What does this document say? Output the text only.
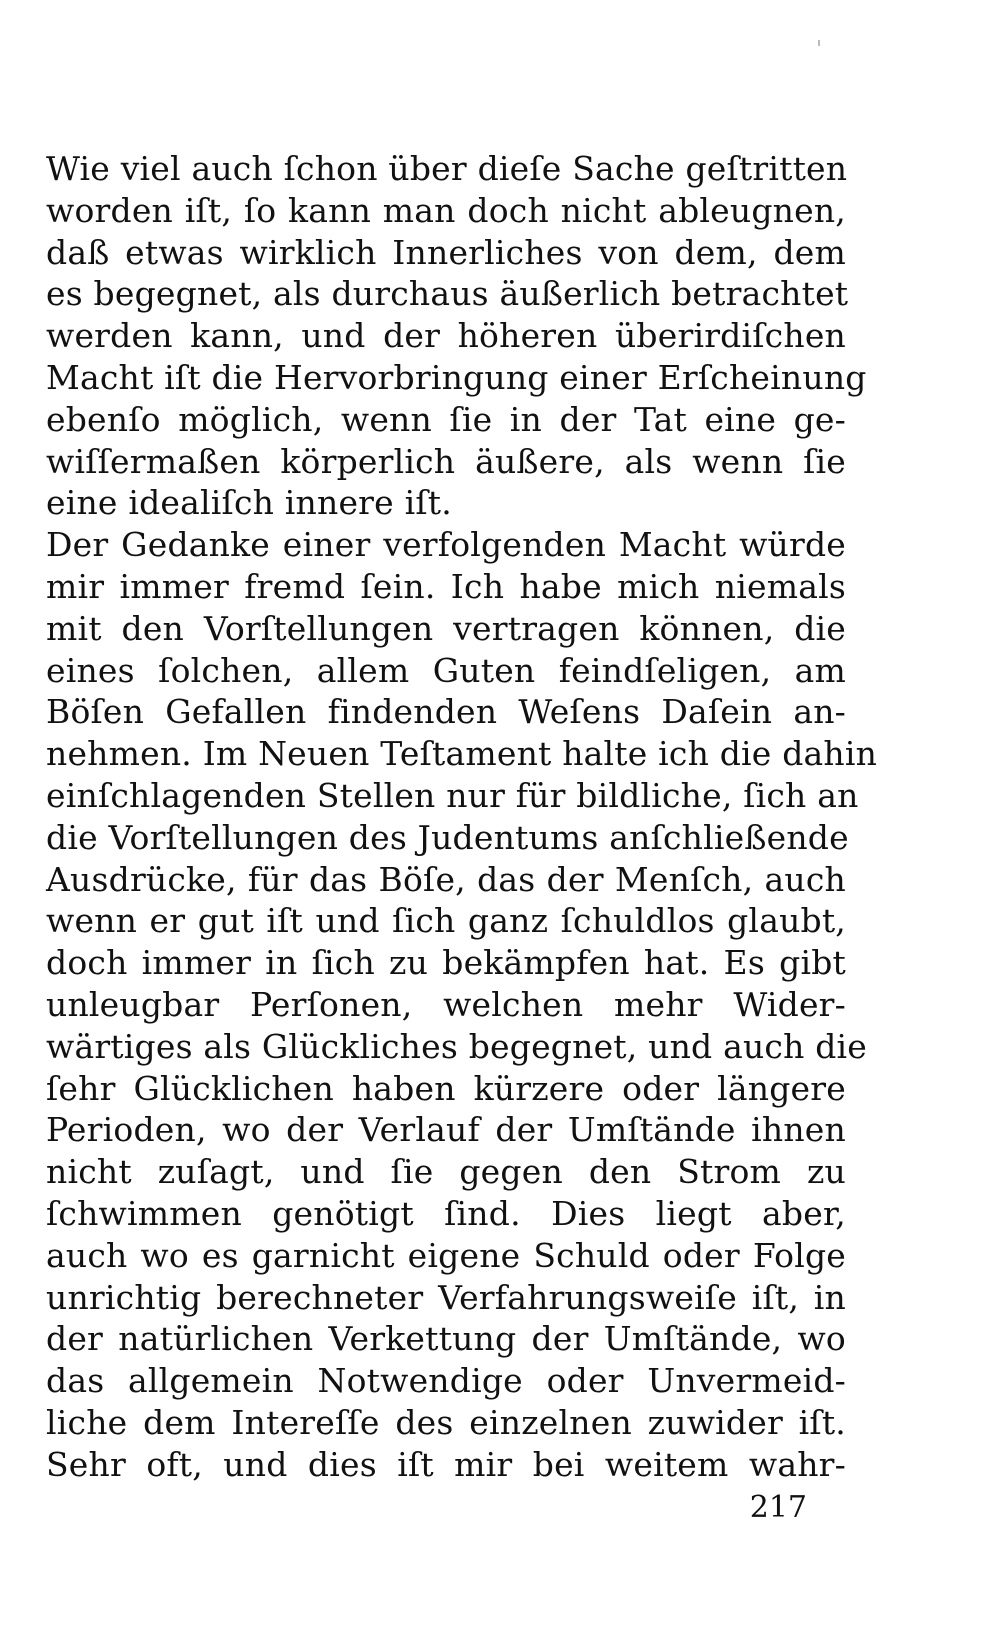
Wie viel auch ſchon über dieſe Sache geſtritten
worden iſt, ſo kann man doch nicht ableugnen,
daß etwas wirklich Innerliches von dem, dem
es begegnet, als durchaus äußerlich betrachtet
werden kann, und der höheren überirdiſchen
Macht iſt die Hervorbringung einer Erſcheinung
ebenſo möglich, wenn ſie in der Tat eine ge-
wiſſermaßen körperlich äußere, als wenn ſie
eine idealiſch innere iſt.
Der Gedanke einer verfolgenden Macht würde
mir immer fremd ſein. Ich habe mich niemals
mit den Vorſtellungen vertragen können, die
eines ſolchen, allem Guten feindſeligen, am
Böſen Gefallen findenden Weſens Daſein an-
nehmen. Im Neuen Teſtament halte ich die dahin
einſchlagenden Stellen nur für bildliche, ſich an
die Vorſtellungen des Judentums anſchließende
Ausdrücke, für das Böſe, das der Menſch, auch
wenn er gut iſt und ſich ganz ſchuldlos glaubt,
doch immer in ſich zu bekämpfen hat. Es gibt
unleugbar Perſonen, welchen mehr Wider-
wärtiges als Glückliches begegnet, und auch die
ſehr Glücklichen haben kürzere oder längere
Perioden, wo der Verlauf der Umſtände ihnen
nicht zuſagt, und ſie gegen den Strom zu
ſchwimmen genötigt ſind. Dies liegt aber,
auch wo es garnicht eigene Schuld oder Folge
unrichtig berechneter Verfahrungsweiſe iſt, in
der natürlichen Verkettung der Umſtände, wo
das allgemein Notwendige oder Unvermeid-
liche dem Intereſſe des einzelnen zuwider iſt.
Sehr oft, und dies iſt mir bei weitem wahr-
217
